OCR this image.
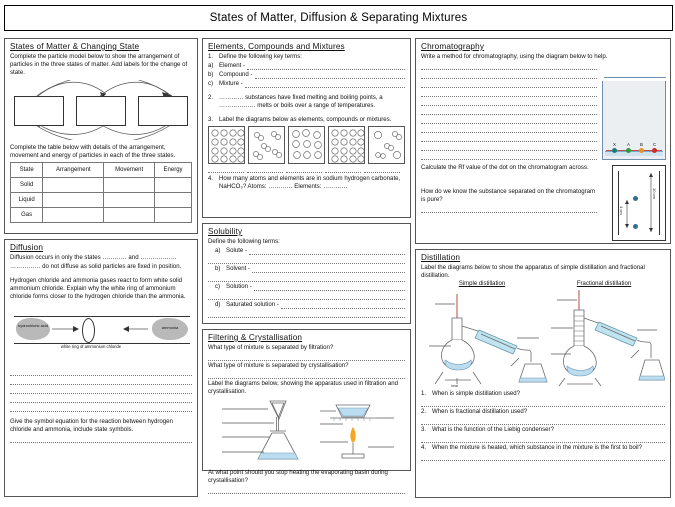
States of Matter, Diffusion & Separating Mixtures
States of Matter & Changing State

Complete the particle model below to show the arrangement of particles in the three states of matter. Add labels for the change of state.

Complete the table below with details of the arrangement, movement and energy of particles in each of the three states.

State	Arrangement	Movement	Energy
Solid			
Liquid			
Gas			
Diffusion

Diffusion occurs in only the states ………… and ………………

…………… do not diffuse as solid particles are fixed in position.

Hydrogen chloride and ammonia gases react to form white solid ammonium chloride. Explain why the white ring of ammonium chloride forms closer to the hydrogen chloride than the ammonia.

hydrochloric acid	ammonia
white ring of ammonium chloride

Give the symbol equation for the reaction between hydrogen chloride and ammonia, include state symbols.

Elements, Compounds and Mixtures
1. Define the following key terms:
a) Element -
b) Compound -
c) Mixture -
2. ………… substances have fixed melting and boiling points, a ……………… melts or boils over a range of temperatures.
3. Label the diagrams below as elements, compounds or mixtures.
4. How many atoms and elements are in sodium hydrogen carbonate, NaHCO₃? Atoms: ………… Elements: …………
Solubility

Define the following terms:

a) Solute -
b) Solvent -
c) Solution -
d) Saturated solution -
Filtering & Crystallisation

What type of mixture is separated by filtration?

What type of mixture is separated by crystallisation?

Label the diagrams below, showing the apparatus used in filtration and crystallisation.

At what point should you stop heating the evaporating basin during crystallisation?

Chromatography

Write a method for chromatography, using the diagram below to help.

X	A B C

Calculate the Rf value of the dot on the chromatogram across.

10 cm
4 cm

How do we know the substance separated on the chromatogram is pure?

Distillation

Label the diagrams below to show the apparatus of simple distillation and fractional distillation.

Simple distillation	Fractional distillation
heat
1. When is simple distillation used?
2. When is fractional distillation used?
3. What is the function of the Liebig condenser?
4. When the mixture is heated, which substance in the mixture is the first to boil?
